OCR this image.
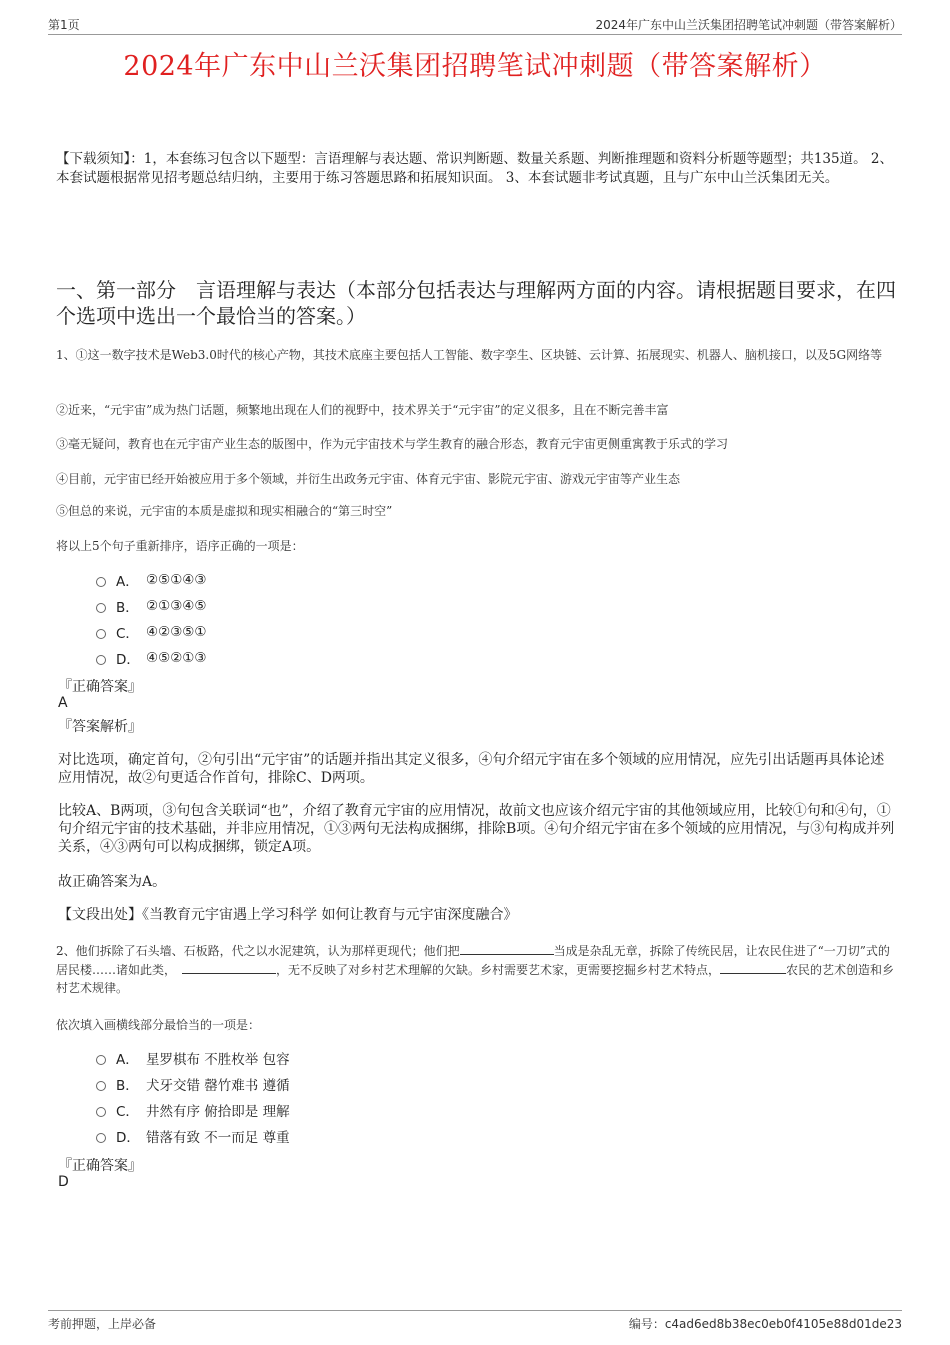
第1页	2024年广东中山兰沃集团招聘笔试冲刺题（带答案解析）
2024年广东中山兰沃集团招聘笔试冲刺题（带答案解析）
【下载须知】：1，本套练习包含以下题型：言语理解与表达题、常识判断题、数量关系题、判断推理题和资料分析题等题型；共135道。 2、本套试题根据常见招考题总结归纳，主要用于练习答题思路和拓展知识面。 3、本套试题非考试真题，且与广东中山兰沃集团无关。
一、第一部分　言语理解与表达（本部分包括表达与理解两方面的内容。请根据题目要求，在四个选项中选出一个最恰当的答案。）
1、①这一数字技术是Web3.0时代的核心产物，其技术底座主要包括人工智能、数字孪生、区块链、云计算、拓展现实、机器人、脑机接口，以及5G网络等
②近来，“元宇宙”成为热门话题，频繁地出现在人们的视野中，技术界关于“元宇宙”的定义很多，且在不断完善丰富
③毫无疑问，教育也在元宇宙产业生态的版图中，作为元宇宙技术与学生教育的融合形态，教育元宇宙更侧重寓教于乐式的学习
④目前，元宇宙已经开始被应用于多个领域，并衍生出政务元宇宙、体育元宇宙、影院元宇宙、游戏元宇宙等产业生态
⑤但总的来说，元宇宙的本质是虚拟和现实相融合的“第三时空”
将以上5个句子重新排序，语序正确的一项是：
A． ②⑤①④③
B． ②①③④⑤
C． ④②③⑤①
D． ④⑤②①③
『正确答案』
A
『答案解析』
对比选项，确定首句，②句引出“元宇宙”的话题并指出其定义很多，④句介绍元宇宙在多个领域的应用情况，应先引出话题再具体论述应用情况，故②句更适合作首句，排除C、D两项。
比较A、B两项，③句包含关联词“也”，介绍了教育元宇宙的应用情况，故前文也应该介绍元宇宙的其他领域应用，比较①句和④句，①句介绍元宇宙的技术基础，并非应用情况，①③两句无法构成捆绑，排除B项。④句介绍元宇宙在多个领域的应用情况，与③句构成并列关系，④③两句可以构成捆绑，锁定A项。
故正确答案为A。
【文段出处】《当教育元宇宙遇上学习科学 如何让教育与元宇宙深度融合》
2、他们拆除了石头墙、石板路，代之以水泥建筑，认为那样更现代；他们把	当成是杂乱无章，拆除了传统民居，让农民住进了“一刀切”式的居民楼……诸如此类，	，无不反映了对乡村艺术理解的欠缺。乡村需要艺术家，更需要挖掘乡村艺术特点，	农民的艺术创造和乡村艺术规律。
依次填入画横线部分最恰当的一项是：
A． 星罗棋布 不胜枚举 包容
B． 犬牙交错 罄竹难书 遵循
C． 井然有序 俯拾即是 理解
D． 错落有致 不一而足 尊重
『正确答案』
D
考前押题，上岸必备	编号：c4ad6ed8b38ec0eb0f4105e88d01de23
